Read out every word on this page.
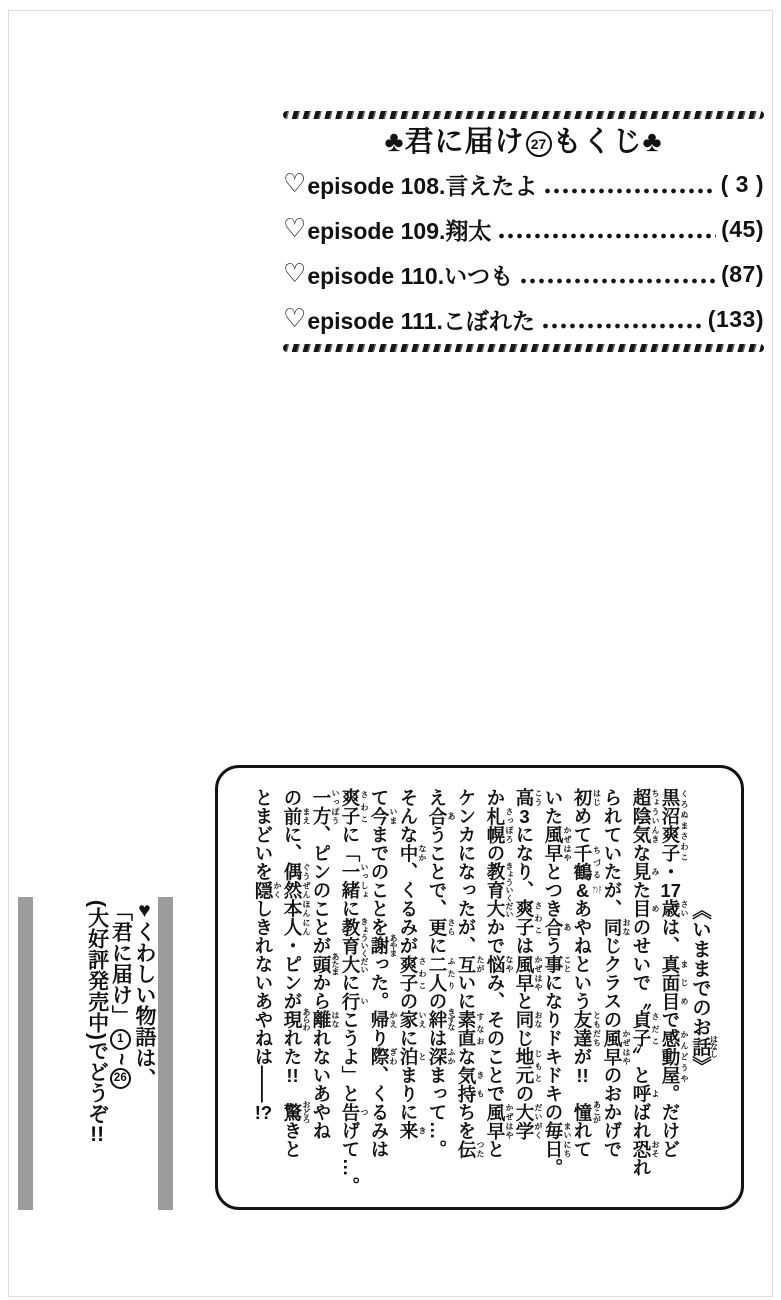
♣君に届け 27 もくじ♣
♡ episode 108.言えたよ	( 3 )
♡ episode 109.翔太	(45)
♡ episode 110.いつも	(87)
♡ episode 111.こぼれた	(133)
《いままでのお話はなし》
黒沼爽子 くろぬまさわこ・17歳 さいは、真面目 まじめで感動屋 かんどうや。だけど
超陰気 ちょういんきな見 みた目 めのせいで〝貞子 さだこ〟と呼 よばれ恐 おそれ
られていたが、同 おなじクラスの風早 かぜはやのおかげで
初 はじめて千鶴 ちづる& アンドあやねという友達 ともだちが!!　憧 あこがれて
いた風早 かぜはやとつき合 あう事 ことになりドキドキの毎日 まいにち。
高 こう3になり、爽子 さわこは風早 かぜはやと同 おなじ地元 じもとの大学 だいがく
か札幌 さっぽろの教育大 きょういくだいかで悩 なやみ、そのことで風早 かぜはやと
ケンカになったが、互 たがいに素直 すなおな気持 きもちを伝 つた
え合 あうことで、更 さらに二人 ふたりの絆 きずなは深 ふかまって…。
そんな中 なか、くるみが爽子 さわこの家 いえに泊 とまりに来 き
て今 いままでのことを謝 あやまった。帰 かえり際 ぎわ、くるみは
爽子 さわこに「一緒 いっしょに教育大 きょういくだいに行 いこうよ」と告 つげて…。
一方 いっぽう、ピンのことが頭 あたまから離 はなれないあやね
の前 まえに、偶然本人 ぐうぜんほんにん・ピンが現 あらわれた!!　驚 おどろきと
とまどいを隠 かくしきれないあやねは——!?
♥くわしい物語は、
「君に届け」1~26
(大好評発売中)でどうぞ!!
